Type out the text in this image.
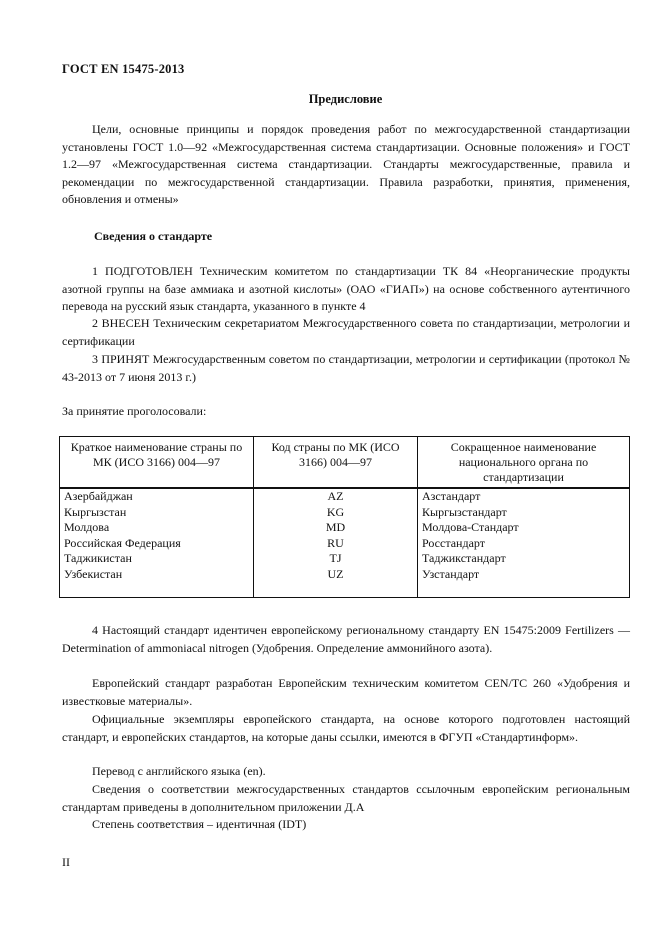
ГОСТ EN 15475-2013
Предисловие
Цели, основные принципы и порядок проведения работ по межгосударственной стандартизации установлены ГОСТ 1.0—92 «Межгосударственная система стандартизации. Основные положения» и ГОСТ 1.2—97 «Межгосударственная система стандартизации. Стандарты межгосударственные, правила и рекомендации по межгосударственной стандартизации. Правила разработки, принятия, применения, обновления и отмены»
Сведения о стандарте
1 ПОДГОТОВЛЕН Техническим комитетом по стандартизации ТК 84 «Неорганические продукты азотной группы на базе аммиака и азотной кислоты» (ОАО «ГИАП») на основе собственного аутентичного перевода на русский язык стандарта, указанного в пункте 4
2 ВНЕСЕН Техническим секретариатом Межгосударственного совета по стандартизации, метрологии и сертификации
3 ПРИНЯТ Межгосударственным советом по стандартизации, метрологии и сертификации (протокол № 43-2013 от 7 июня 2013 г.)
За принятие проголосовали:
Краткое наименование страны по МК (ИСО 3166) 004—97	Код страны по МК (ИСО 3166) 004—97	Сокращенное наименование национального органа по стандартизации
Азербайджан	AZ	Азстандарт
Кыргызстан	KG	Кыргызстандарт
Молдова	MD	Молдова-Стандарт
Российская Федерация	RU	Росстандарт
Таджикистан	TJ	Таджикстандарт
Узбекистан	UZ	Узстандарт

4 Настоящий стандарт идентичен европейскому региональному стандарту EN 15475:2009 Fertilizers — Determination of ammoniacal nitrogen (Удобрения. Определение аммонийного азота).
Европейский стандарт разработан Европейским техническим комитетом CEN/TC 260 «Удобрения и известковые материалы».
Официальные экземпляры европейского стандарта, на основе которого подготовлен настоящий стандарт, и европейских стандартов, на которые даны ссылки, имеются в ФГУП «Стандартинформ».
Перевод с английского языка (en).
Сведения о соответствии межгосударственных стандартов ссылочным европейским региональным стандартам приведены в дополнительном приложении Д.А
Степень соответствия – идентичная (IDT)
II
